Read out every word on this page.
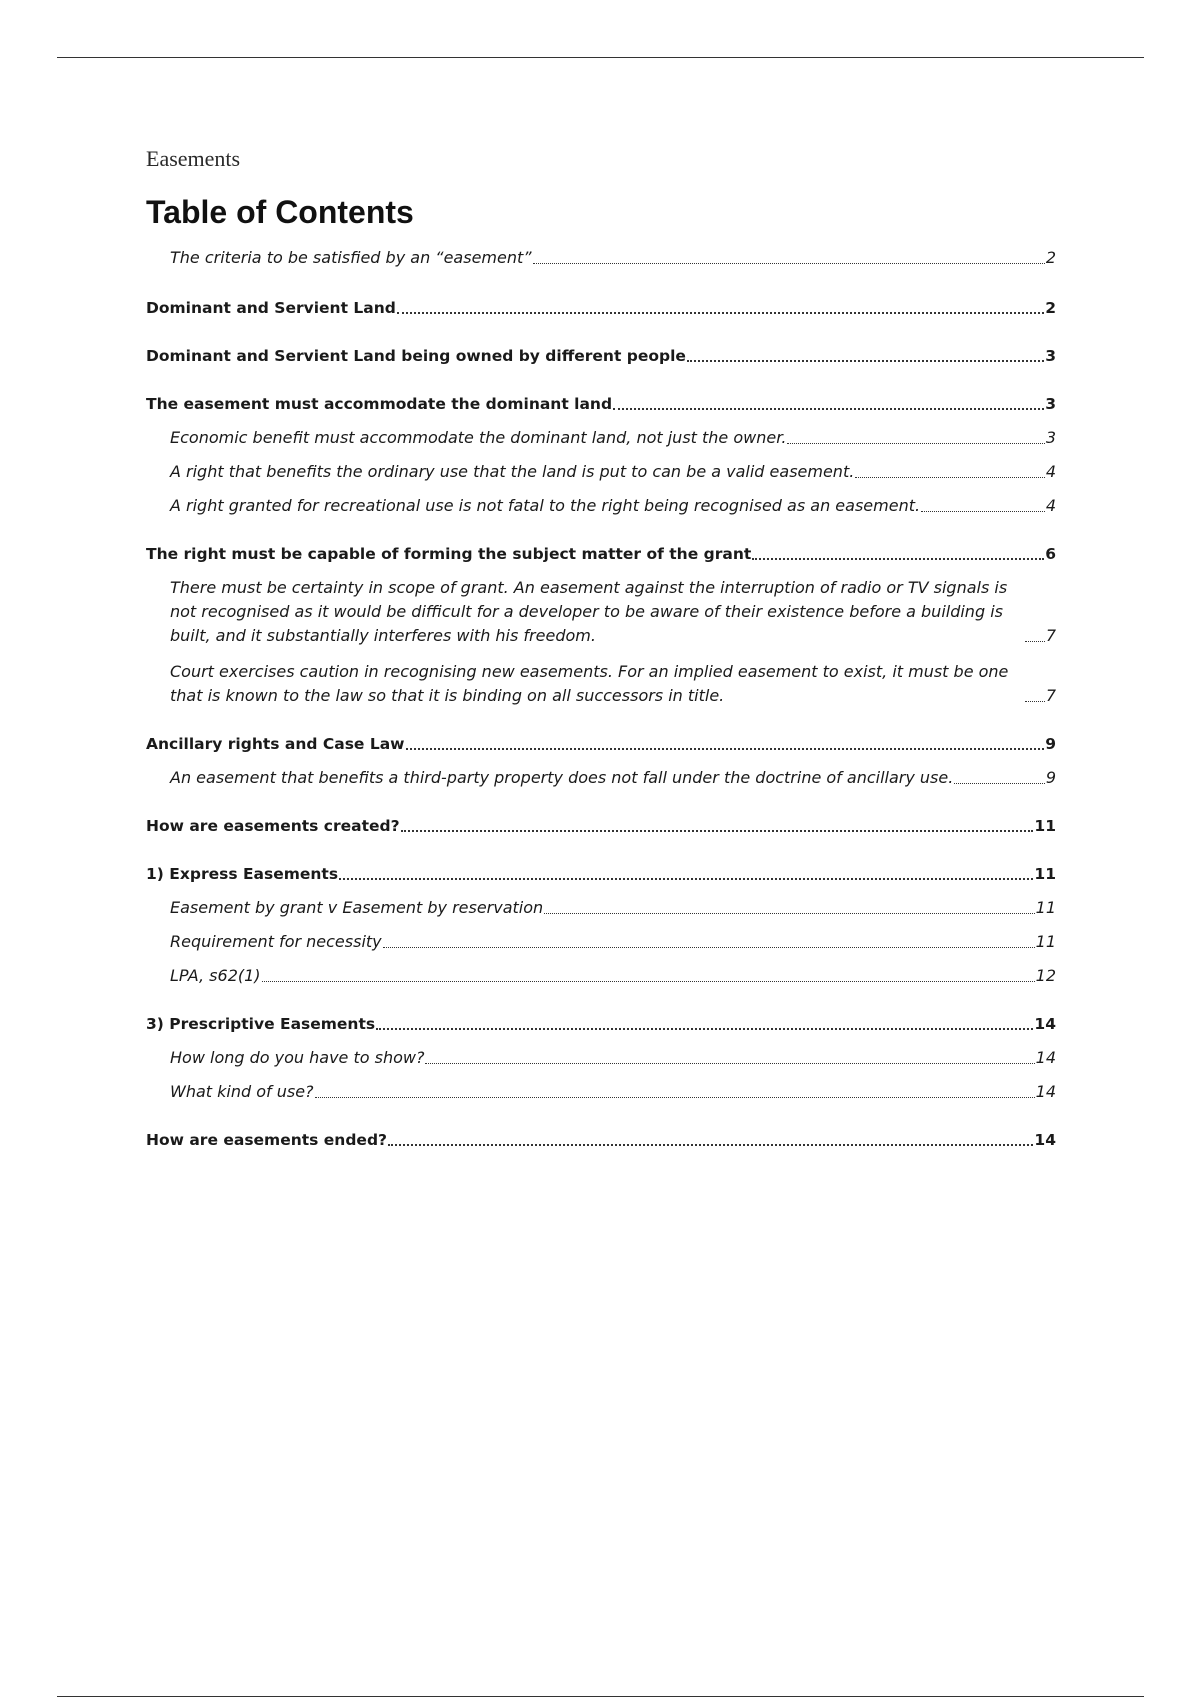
Easements
Table of Contents
The criteria to be satisfied by an “easement”	2
Dominant and Servient Land	2
Dominant and Servient Land being owned by different people	3
The easement must accommodate the dominant land	3
Economic benefit must accommodate the dominant land, not just the owner.	3
A right that benefits the ordinary use that the land is put to can be a valid easement.	4
A right granted for recreational use is not fatal to the right being recognised as an easement.	4
The right must be capable of forming the subject matter of the grant	6
There must be certainty in scope of grant. An easement against the interruption of radio or TV signals is not recognised as it would be difficult for a developer to be aware of their existence before a building is built, and it substantially interferes with his freedom.	7
Court exercises caution in recognising new easements. For an implied easement to exist, it must be one that is known to the law so that it is binding on all successors in title.	7
Ancillary rights and Case Law	9
An easement that benefits a third-party property does not fall under the doctrine of ancillary use.	9
How are easements created?	11
1) Express Easements	11
Easement by grant v Easement by reservation	11
Requirement for necessity	11
LPA, s62(1)	12
3) Prescriptive Easements	14
How long do you have to show?	14
What kind of use?	14
How are easements ended?	14
